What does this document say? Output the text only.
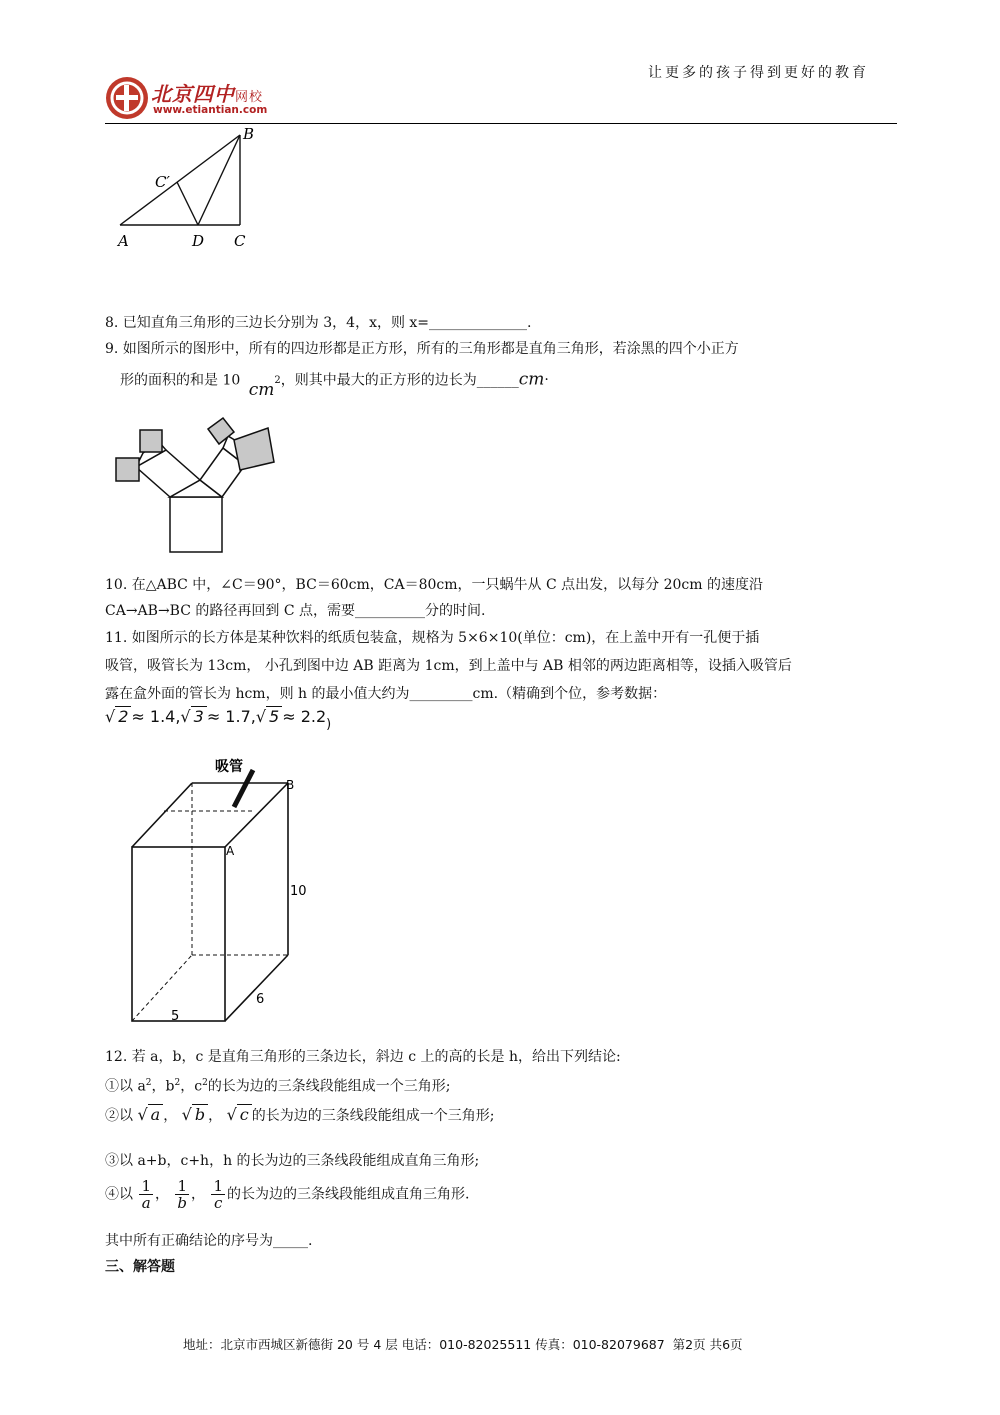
北京四中网校
www.etiantian.com
让更多的孩子得到更好的教育
B
C′
A	D C
8. 已知直角三角形的三边长分别为 3，4，x，则 x=______________.
9. 如图所示的图形中，所有的四边形都是正方形，所有的三角形都是直角三角形，若涂黑的四个小正方
形的面积的和是 10 $cm^2$，则其中最大的正方形的边长为______cm.
10. 在△ABC 中，∠C＝90°，BC＝60cm，CA＝80cm，一只蜗牛从 C 点出发，以每分 20cm 的速度沿
CA→AB→BC 的路径再回到 C 点，需要__________分的时间.
11. 如图所示的长方体是某种饮料的纸质包装盒，规格为 5×6×10(单位：cm)，在上盖中开有一孔便于插
吸管，吸管长为 13cm， 小孔到图中边 AB 距离为 1cm，到上盖中与 AB 相邻的两边距离相等，设插入吸管后
露在盒外面的管长为 hcm，则 h 的最小值大约为_________cm.（精确到个位，参考数据：
√ 2 ≈ 1.4,√ 3 ≈ 1.7,√ $5 \approx 2.2_)$
吸管
B
A
10
5
6
12. 若 a，b，c 是直角三角形的三条边长，斜边 c 上的高的长是 h，给出下列结论:
①以 $a^2$，$b^2$，$c^2$的长为边的三条线段能组成一个三角形;
②以 √ a ， √ b ， √ c 的长为边的三条线段能组成一个三角形;
③以 a+b，c+h，h 的长为边的三条线段能组成直角三角形;
④以 $\frac{1}{a}$ ， $\frac{1}{b}$ ， $\frac{1}{c}$ 的长为边的三条线段能组成直角三角形.
其中所有正确结论的序号为_____.
三、解答题
地址：北京市西城区新德街 20 号 4 层 电话：010-82025511 传真：010-82079687 第2页 共6页
